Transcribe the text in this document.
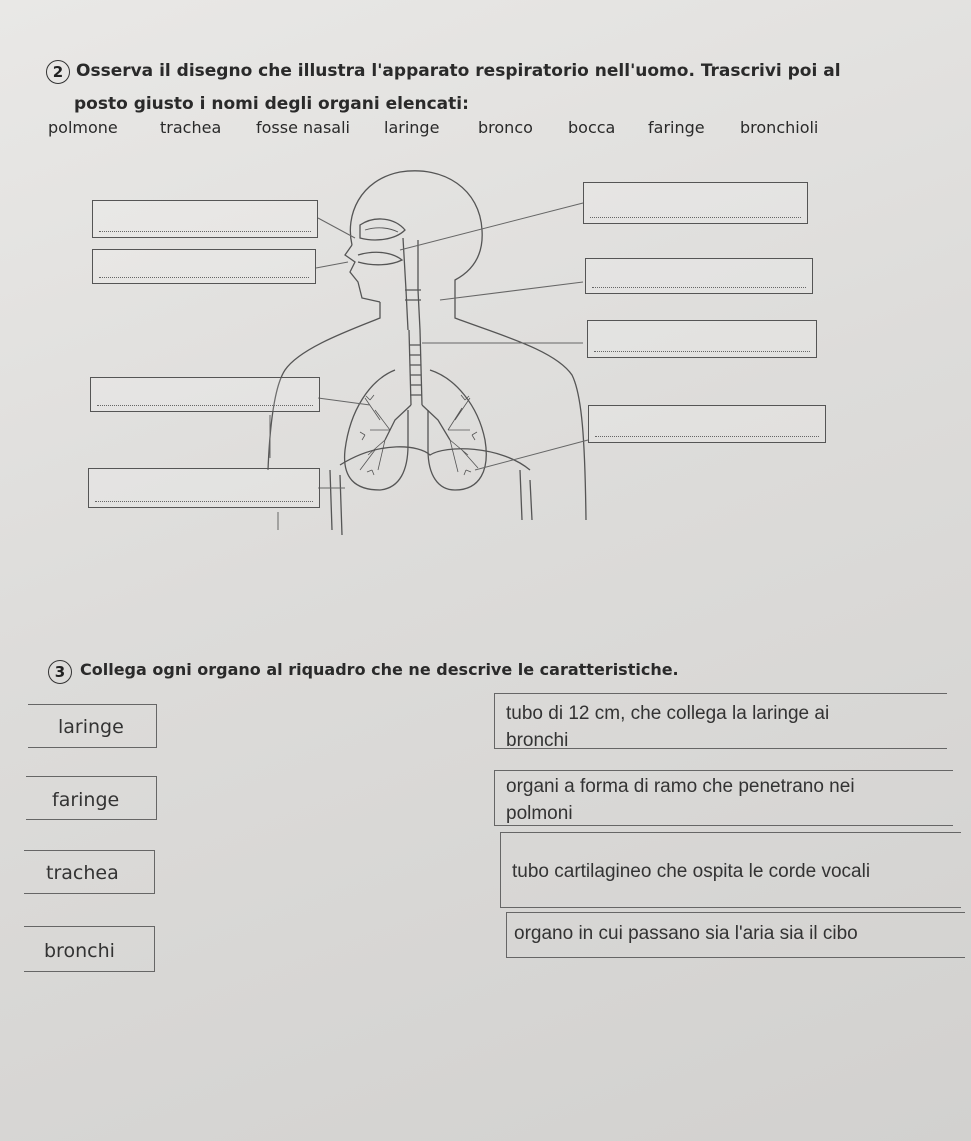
2 Osserva il disegno che illustra l'apparato respiratorio nell'uomo. Trascrivi poi al
posto giusto i nomi degli organi elencati:
polmone	trachea fosse nasali laringe bronco bocca faringe bronchioli
3 Collega ogni organo al riquadro che ne descrive le caratteristiche.
laringe
faringe
trachea
bronchi
tubo di 12 cm, che collega la laringe ai
bronchi
organi a forma di ramo che penetrano nei
polmoni
tubo cartilagineo che ospita le corde vocali
organo in cui passano sia l'aria sia il cibo
